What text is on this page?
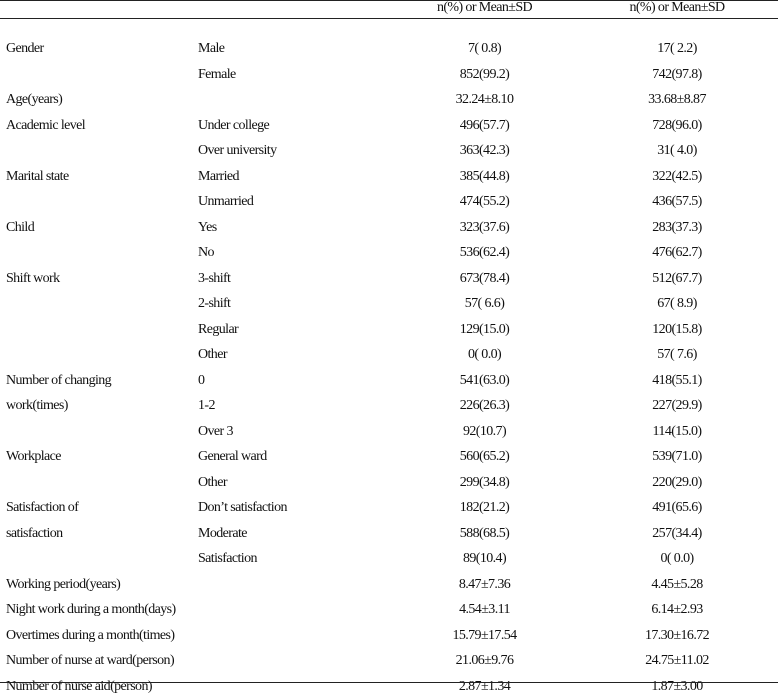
		n(%) or Mean±SD	n(%) or Mean±SD

Gender	Male	7( 0.8)	17( 2.2)
	Female	852(99.2)	742(97.8)
Age(years)		32.24±8.10	33.68±8.87
Academic level	Under college	496(57.7)	728(96.0)
	Over university	363(42.3)	31( 4.0)
Marital state	Married	385(44.8)	322(42.5)
	Unmarried	474(55.2)	436(57.5)
Child	Yes	323(37.6)	283(37.3)
	No	536(62.4)	476(62.7)
Shift work	3-shift	673(78.4)	512(67.7)
	2-shift	57( 6.6)	67( 8.9)
	Regular	129(15.0)	120(15.8)
	Other	0( 0.0)	57( 7.6)
Number of changing	0	541(63.0)	418(55.1)
work(times)	1-2	226(26.3)	227(29.9)
	Over 3	92(10.7)	114(15.0)
Workplace	General ward	560(65.2)	539(71.0)
	Other	299(34.8)	220(29.0)
Satisfaction of	Don’t satisfaction	182(21.2)	491(65.6)
satisfaction	Moderate	588(68.5)	257(34.4)
	Satisfaction	89(10.4)	0( 0.0)
Working period(years)		8.47±7.36	4.45±5.28
Night work during a month(days)		4.54±3.11	6.14±2.93
Overtimes during a month(times)		15.79±17.54	17.30±16.72
Number of nurse at ward(person)		21.06±9.76	24.75±11.02
Number of nurse aid(person)		2.87±1.34	1.87±3.00
